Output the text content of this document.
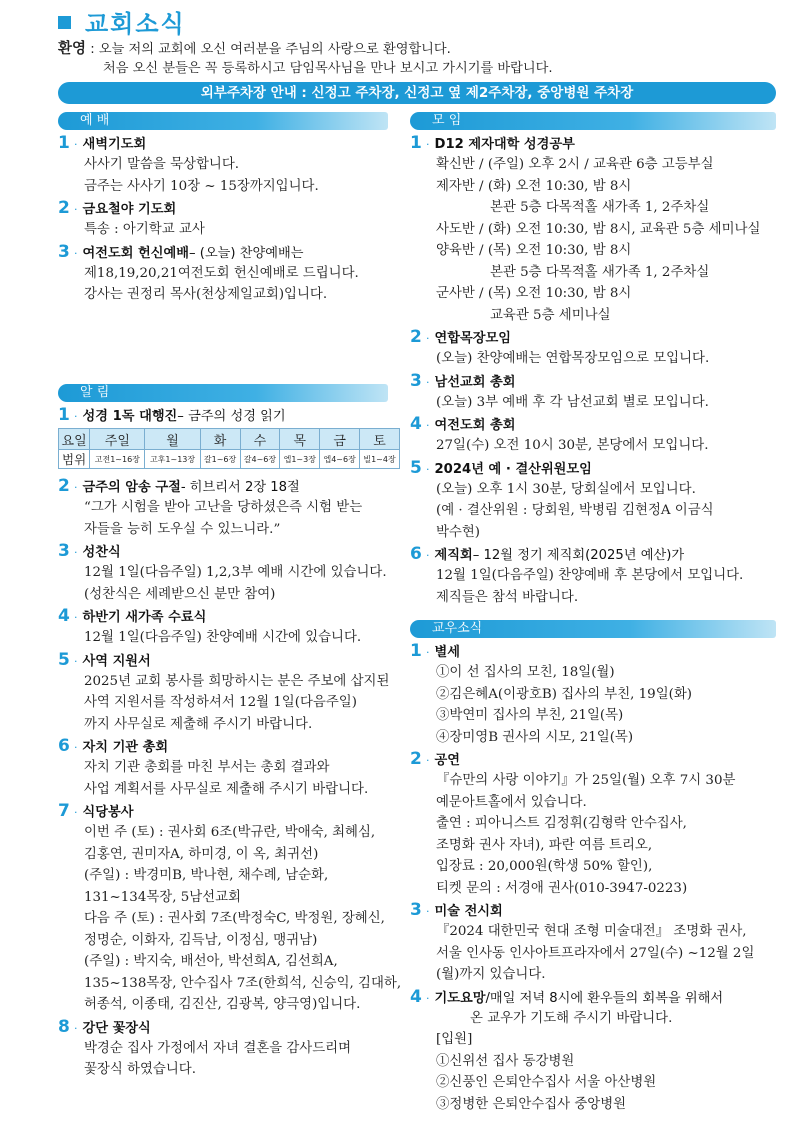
교회소식
환영 : 오늘 저의 교회에 오신 여러분을 주님의 사랑으로 환영합니다.
처음 오신 분들은 꼭 등록하시고 담임목사님을 만나 보시고 가시기를 바랍니다.
외부주차장 안내 : 신정고 주차장, 신정고 옆 제2주차장, 중앙병원 주차장
예 배
1 · 새벽기도회
사사기 말씀을 묵상합니다.
금주는 사사기 10장 ~ 15장까지입니다.
2 · 금요철야 기도회
특송 : 아기학교 교사
3 · 여전도회 헌신예배 – (오늘) 찬양예배는
제18,19,20,21여전도회 헌신예배로 드립니다.
강사는 권정리 목사(천상제일교회)입니다.
알 림
1 · 성경 1독 대행진 – 금주의 성경 읽기
요일	주일	월	화	수	목	금	토
범위	고전1~16장	고후1~13장	갈1~6장	갈4~6장	엡1~3장	엡4~6장	빌1~4장
2 · 금주의 암송 구절 - 히브리서 2장 18절
“그가 시험을 받아 고난을 당하셨은즉 시험 받는
자들을 능히 도우실 수 있느니라.”
3 · 성찬식
12월 1일(다음주일) 1,2,3부 예배 시간에 있습니다.
(성찬식은 세례받으신 분만 참여)
4 · 하반기 새가족 수료식
12월 1일(다음주일) 찬양예배 시간에 있습니다.
5 · 사역 지원서
2025년 교회 봉사를 희망하시는 분은 주보에 삽지된
사역 지원서를 작성하셔서 12월 1일(다음주일)
까지 사무실로 제출해 주시기 바랍니다.
6 · 자치 기관 총회
자치 기관 총회를 마친 부서는 총회 결과와
사업 계획서를 사무실로 제출해 주시기 바랍니다.
7 · 식당봉사
이번 주 (토) : 권사회 6조(박규란, 박애숙, 최혜심,
김홍연, 권미자A, 하미경, 이 옥, 최귀선)
(주일) : 박경미B, 박나현, 채수례, 남순화,
131~134목장, 5남선교회
다음 주 (토) : 권사회 7조(박정숙C, 박정원, 장혜신,
정명순, 이화자, 김득남, 이정심, 맹귀남)
(주일) : 박지숙, 배선아, 박선희A, 김선희A,
135~138목장, 안수집사 7조(한희석, 신승익, 김대하,
허종석, 이종태, 김진산, 김광복, 양극영)입니다.
8 · 강단 꽃장식
박경순 집사 가정에서 자녀 결혼을 감사드리며
꽃장식 하였습니다.
모 임
1 · D12 제자대학 성경공부
확신반 / (주일) 오후 2시 / 교육관 6층 고등부실
제자반 / (화) 오전 10:30, 밤 8시
본관 5층 다목적홀 새가족 1, 2주차실
사도반 / (화) 오전 10:30, 밤 8시, 교육관 5층 세미나실
양육반 / (목) 오전 10:30, 밤 8시
본관 5층 다목적홀 새가족 1, 2주차실
군사반 / (목) 오전 10:30, 밤 8시
교육관 5층 세미나실
2 · 연합목장모임
(오늘) 찬양예배는 연합목장모임으로 모입니다.
3 · 남선교회 총회
(오늘) 3부 예배 후 각 남선교회 별로 모입니다.
4 · 여전도회 총회
27일(수) 오전 10시 30분, 본당에서 모입니다.
5 · 2024년 예 · 결산위원모임
(오늘) 오후 1시 30분, 당회실에서 모입니다.
(예 · 결산위원 : 당회원, 박병림 김현정A 이금식
박수현)
6 · 제직회 – 12월 정기 제직회(2025년 예산)가
12월 1일(다음주일) 찬양예배 후 본당에서 모입니다.
제직들은 참석 바랍니다.
교우소식
1 · 별세
①이 선 집사의 모친, 18일(월)
②김은혜A(이광호B) 집사의 부친, 19일(화)
③박연미 집사의 부친, 21일(목)
④장미영B 권사의 시모, 21일(목)
2 · 공연
『슈만의 사랑 이야기』가 25일(월) 오후 7시 30분
예문아트홀에서 있습니다.
출연 : 피아니스트 김정휘(김형락 안수집사,
조명화 권사 자녀), 파란 여름 트리오,
입장료 : 20,000원(학생 50% 할인),
티켓 문의 : 서경애 권사(010-3947-0223)
3 · 미술 전시회
『2024 대한민국 현대 조형 미술대전』 조명화 권사,
서울 인사동 인사아트프라자에서 27일(수) ~12월 2일
(월)까지 있습니다.
4 · 기도요망 /매일 저녁 8시에 환우들의 회복을 위해서
온 교우가 기도해 주시기 바랍니다.
[입원]
①신위선 집사 동강병원
②신풍인 은퇴안수집사 서울 아산병원
③정병한 은퇴안수집사 중앙병원
